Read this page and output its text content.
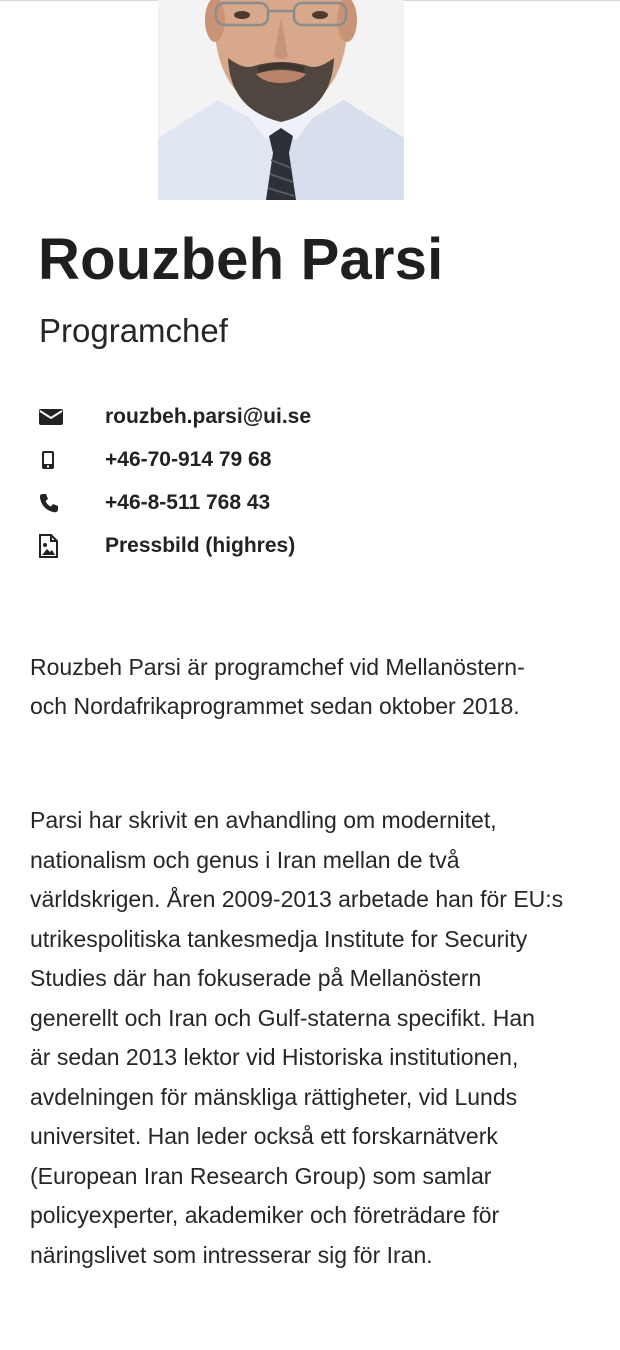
Rouzbeh Parsi
Programchef
rouzbeh.parsi@ui.se
+46-70-914 79 68
+46-8-511 768 43
Pressbild (highres)

Rouzbeh Parsi är programchef vid Mellanöstern-
och Nordafrikaprogrammet sedan oktober 2018.

Parsi har skrivit en avhandling om modernitet,
nationalism och genus i Iran mellan de två
världskrigen. Åren 2009-2013 arbetade han för EU:s
utrikespolitiska tankesmedja Institute for Security
Studies där han fokuserade på Mellanöstern
generellt och Iran och Gulf-staterna specifikt. Han
är sedan 2013 lektor vid Historiska institutionen,
avdelningen för mänskliga rättigheter, vid Lunds
universitet. Han leder också ett forskarnätverk
(European Iran Research Group) som samlar
policyexperter, akademiker och företrädare för
näringslivet som intresserar sig för Iran.
